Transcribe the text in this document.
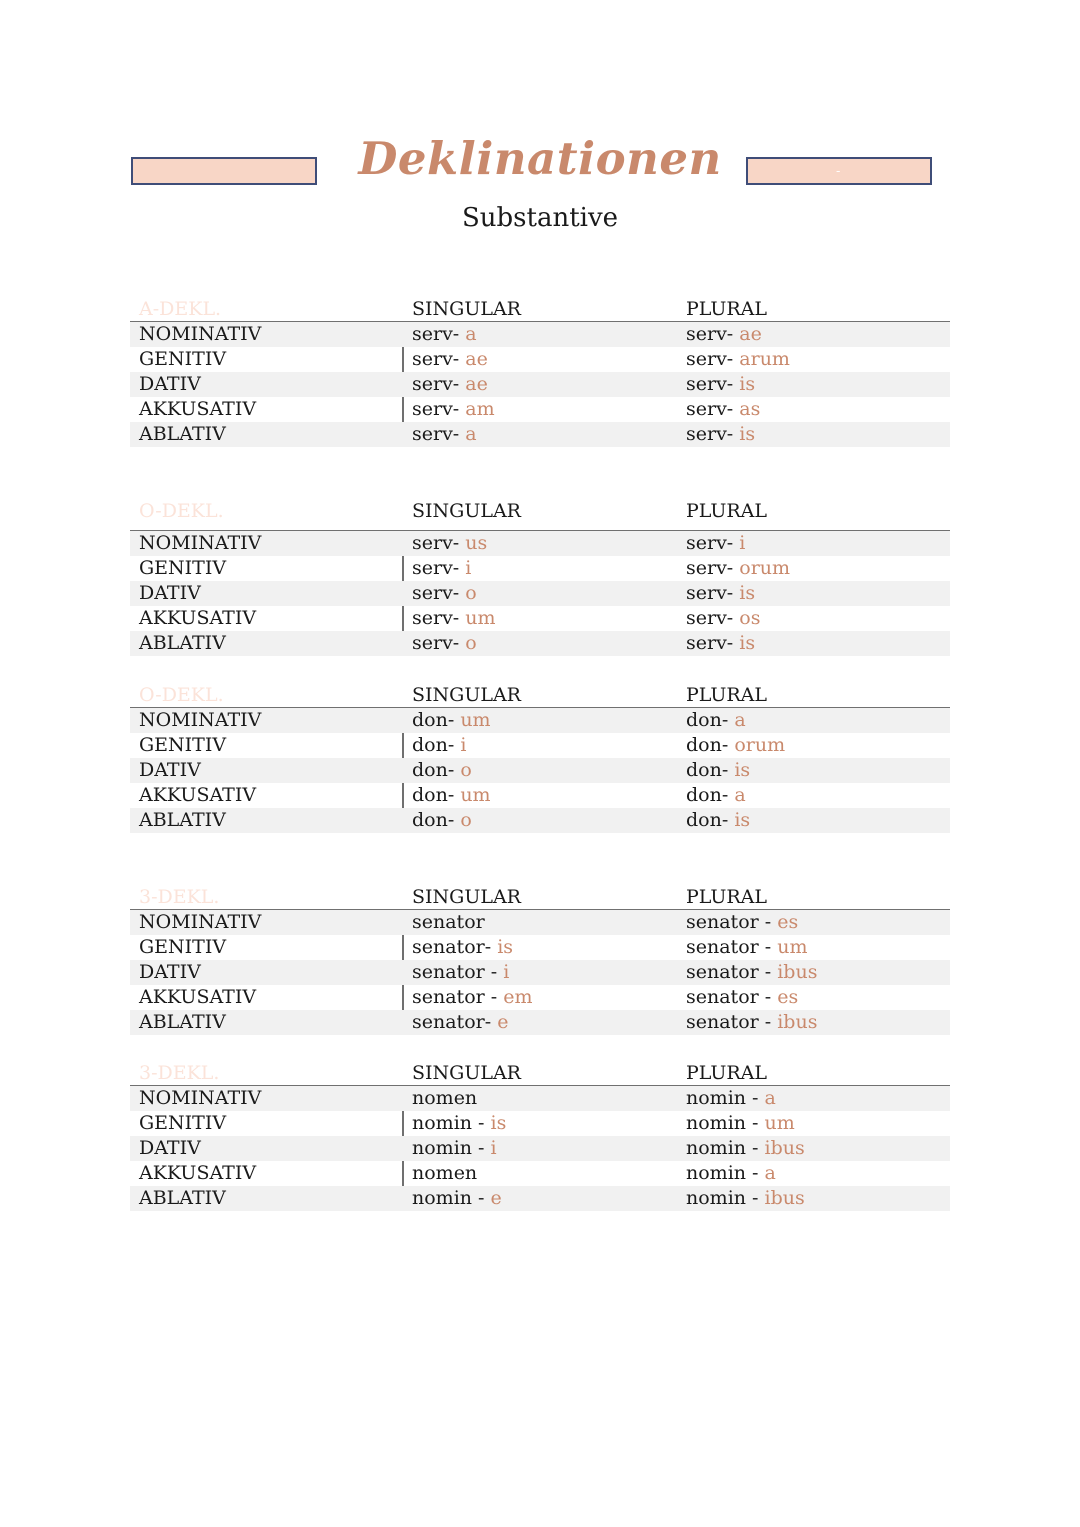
Deklinationen	-
Substantive
A-DEKL.	SINGULAR	PLURAL
NOMINATIV	serv- a	serv- ae
GENITIV	serv- ae	serv- arum
DATIV	serv- ae	serv- is
AKKUSATIV	serv- am	serv- as
ABLATIV	serv- a	serv- is
O-DEKL.	SINGULAR	PLURAL
NOMINATIV	serv- us	serv- i
GENITIV	serv- i	serv- orum
DATIV	serv- o	serv- is
AKKUSATIV	serv- um	serv- os
ABLATIV	serv- o	serv- is
O-DEKL.	SINGULAR	PLURAL
NOMINATIV	don- um	don- a
GENITIV	don- i	don- orum
DATIV	don- o	don- is
AKKUSATIV	don- um	don- a
ABLATIV	don- o	don- is
3-DEKL.	SINGULAR	PLURAL
NOMINATIV	senator	senator - es
GENITIV	senator- is	senator - um
DATIV	senator - i	senator - ibus
AKKUSATIV	senator - em	senator - es
ABLATIV	senator- e	senator - ibus
3-DEKL.	SINGULAR	PLURAL
NOMINATIV	nomen	nomin - a
GENITIV	nomin - is	nomin - um
DATIV	nomin - i	nomin - ibus
AKKUSATIV	nomen	nomin - a
ABLATIV	nomin - e	nomin - ibus
